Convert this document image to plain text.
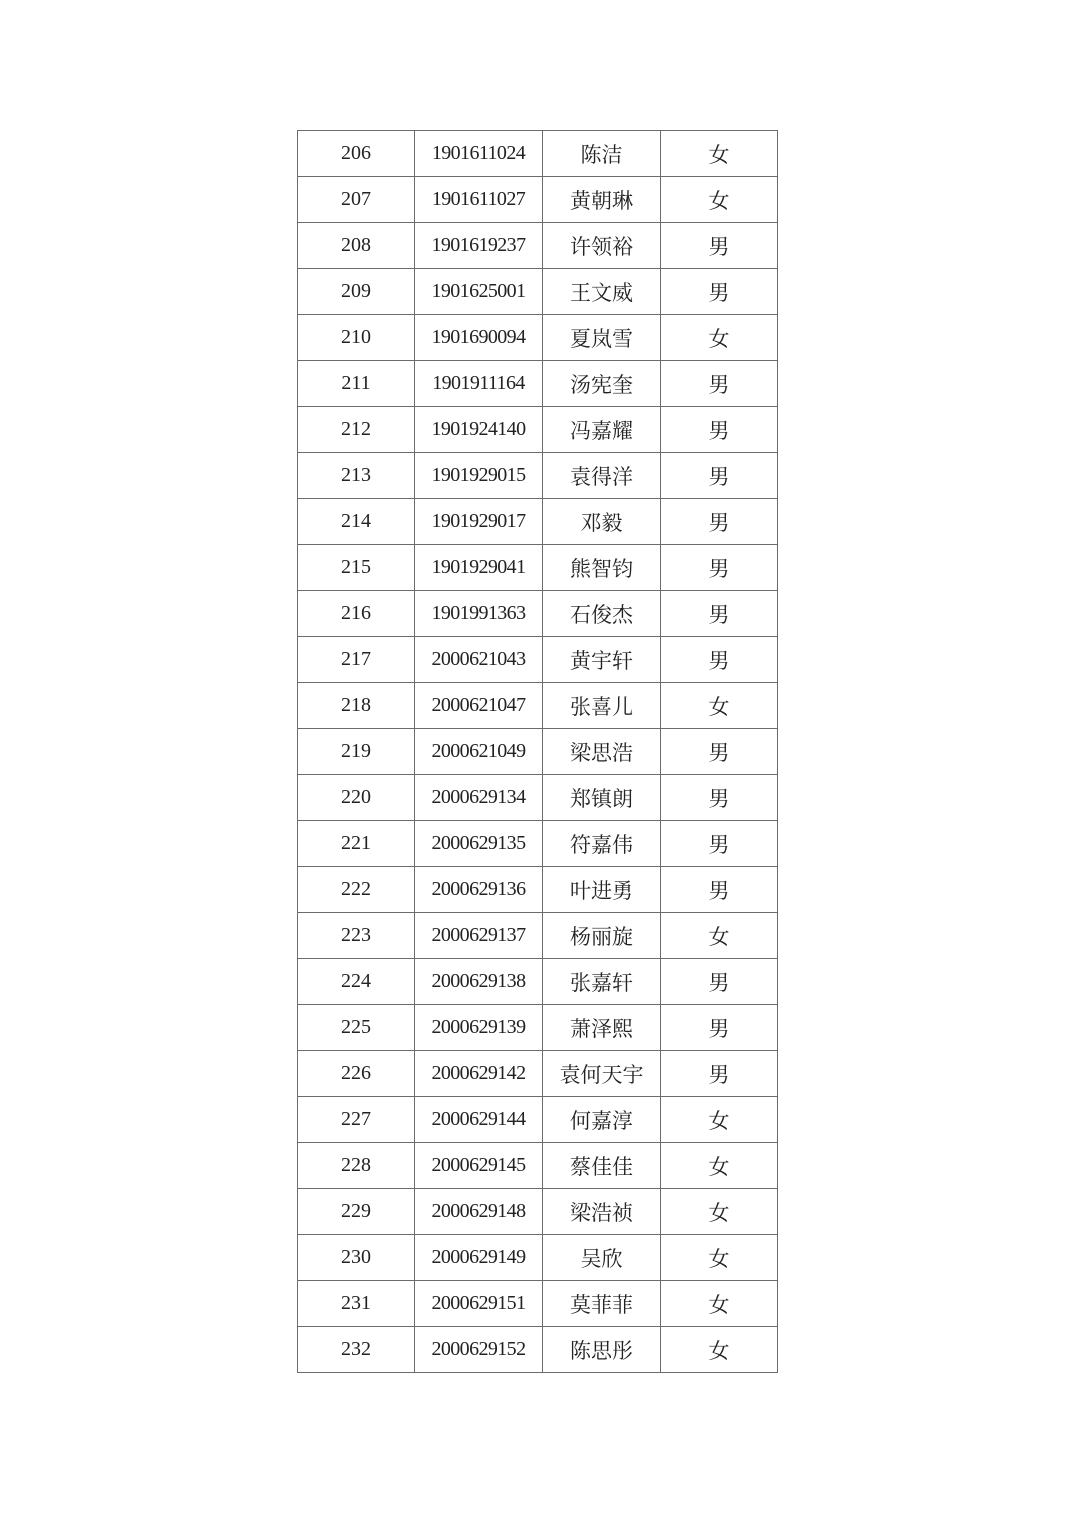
206	1901611024	陈洁	女
207	1901611027	黄朝琳	女
208	1901619237	许领裕	男
209	1901625001	王文威	男
210	1901690094	夏岚雪	女
211	1901911164	汤宪奎	男
212	1901924140	冯嘉耀	男
213	1901929015	袁得洋	男
214	1901929017	邓毅	男
215	1901929041	熊智钧	男
216	1901991363	石俊杰	男
217	2000621043	黄宇轩	男
218	2000621047	张喜儿	女
219	2000621049	梁思浩	男
220	2000629134	郑镇朗	男
221	2000629135	符嘉伟	男
222	2000629136	叶进勇	男
223	2000629137	杨丽旋	女
224	2000629138	张嘉轩	男
225	2000629139	萧泽熙	男
226	2000629142	袁何天宇	男
227	2000629144	何嘉淳	女
228	2000629145	蔡佳佳	女
229	2000629148	梁浩祯	女
230	2000629149	吴欣	女
231	2000629151	莫菲菲	女
232	2000629152	陈思彤	女
